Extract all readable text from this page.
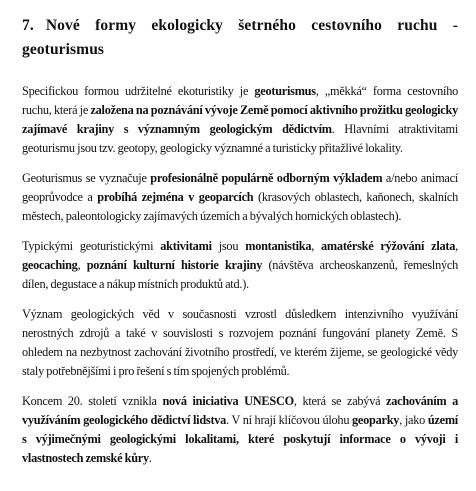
7. Nové formy ekologicky šetrného cestovního ruchu - geoturismus

Specifickou formou udržitelné ekoturistiky je geoturismus, „měkká“ forma cestovního ruchu, která je založena na poznávání vývoje Země pomocí aktivního prožitku geologicky zajímavé krajiny s významným geologickým dědictvím. Hlavními atraktivitami geoturismu jsou tzv. geotopy, geologicky významné a turisticky přitažlivé lokality.

Geoturismus se vyznačuje profesionálně populárně odborným výkladem a/nebo animací geoprůvodce a probíhá zejména v geoparcích (krasových oblastech, kaňonech, skalních městech, paleontologicky zajímavých územích a bývalých hornických oblastech).

Typickými geoturistickými aktivitami jsou montanistika, amatérské rýžování zlata, geocaching, poznání kulturní historie krajiny (návštěva archeoskanzenů, řemeslných dílen, degustace a nákup místních produktů atd.).

Význam geologických věd v současnosti vzrostl důsledkem intenzivního využívání nerostných zdrojů a také v souvislosti s rozvojem poznání fungování planety Země. S ohledem na nezbytnost zachování životního prostředí, ve kterém žijeme, se geologické vědy staly potřebnějšími i pro řešení s tím spojených problémů.

Koncem 20. století vznikla nová iniciativa UNESCO, která se zabývá zachováním a využíváním geologického dědictví lidstva. V ní hrají klíčovou úlohu geoparky, jako území s výjimečnými geologickými lokalitami, které poskytují informace o vývoji i vlastnostech zemské kůry.
